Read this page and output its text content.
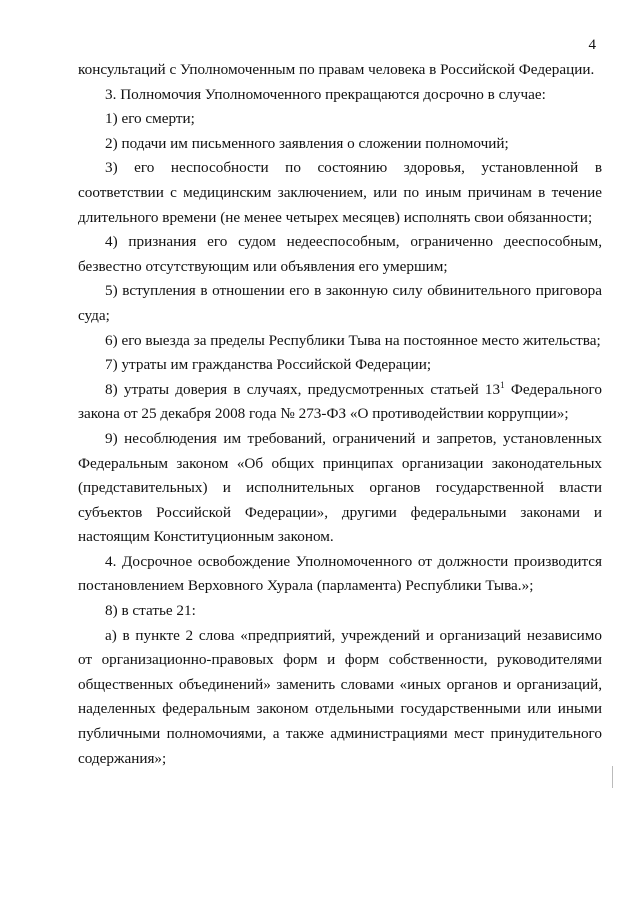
4

консультаций с Уполномоченным по правам человека в Российской Федерации.

3. Полномочия Уполномоченного прекращаются досрочно в случае:

1) его смерти;

2) подачи им письменного заявления о сложении полномочий;

3) его неспособности по состоянию здоровья, установленной в соответствии с медицинским заключением, или по иным причинам в течение длительного времени (не менее четырех месяцев) исполнять свои обязанности;

4) признания его судом недееспособным, ограниченно дееспособным, безвестно отсутствующим или объявления его умершим;

5) вступления в отношении его в законную силу обвинительного приговора суда;

6) его выезда за пределы Республики Тыва на постоянное место жительства;

7) утраты им гражданства Российской Федерации;

8) утраты доверия в случаях, предусмотренных статьей $13^1$ Федерального закона от 25 декабря 2008 года № 273-ФЗ «О противодействии коррупции»;

9) несоблюдения им требований, ограничений и запретов, установленных Федеральным законом «Об общих принципах организации законодательных (представительных) и исполнительных органов государственной власти субъектов Российской Федерации», другими федеральными законами и настоящим Конституционным законом.

4. Досрочное освобождение Уполномоченного от должности производится постановлением Верховного Хурала (парламента) Республики Тыва.»;

8) в статье 21:

а) в пункте 2 слова «предприятий, учреждений и организаций независимо от организационно-правовых форм и форм собственности, руководителями общественных объединений» заменить словами «иных органов и организаций, наделенных федеральным законом отдельными государственными или иными публичными полномочиями, а также администрациями мест принудительного содержания»;
